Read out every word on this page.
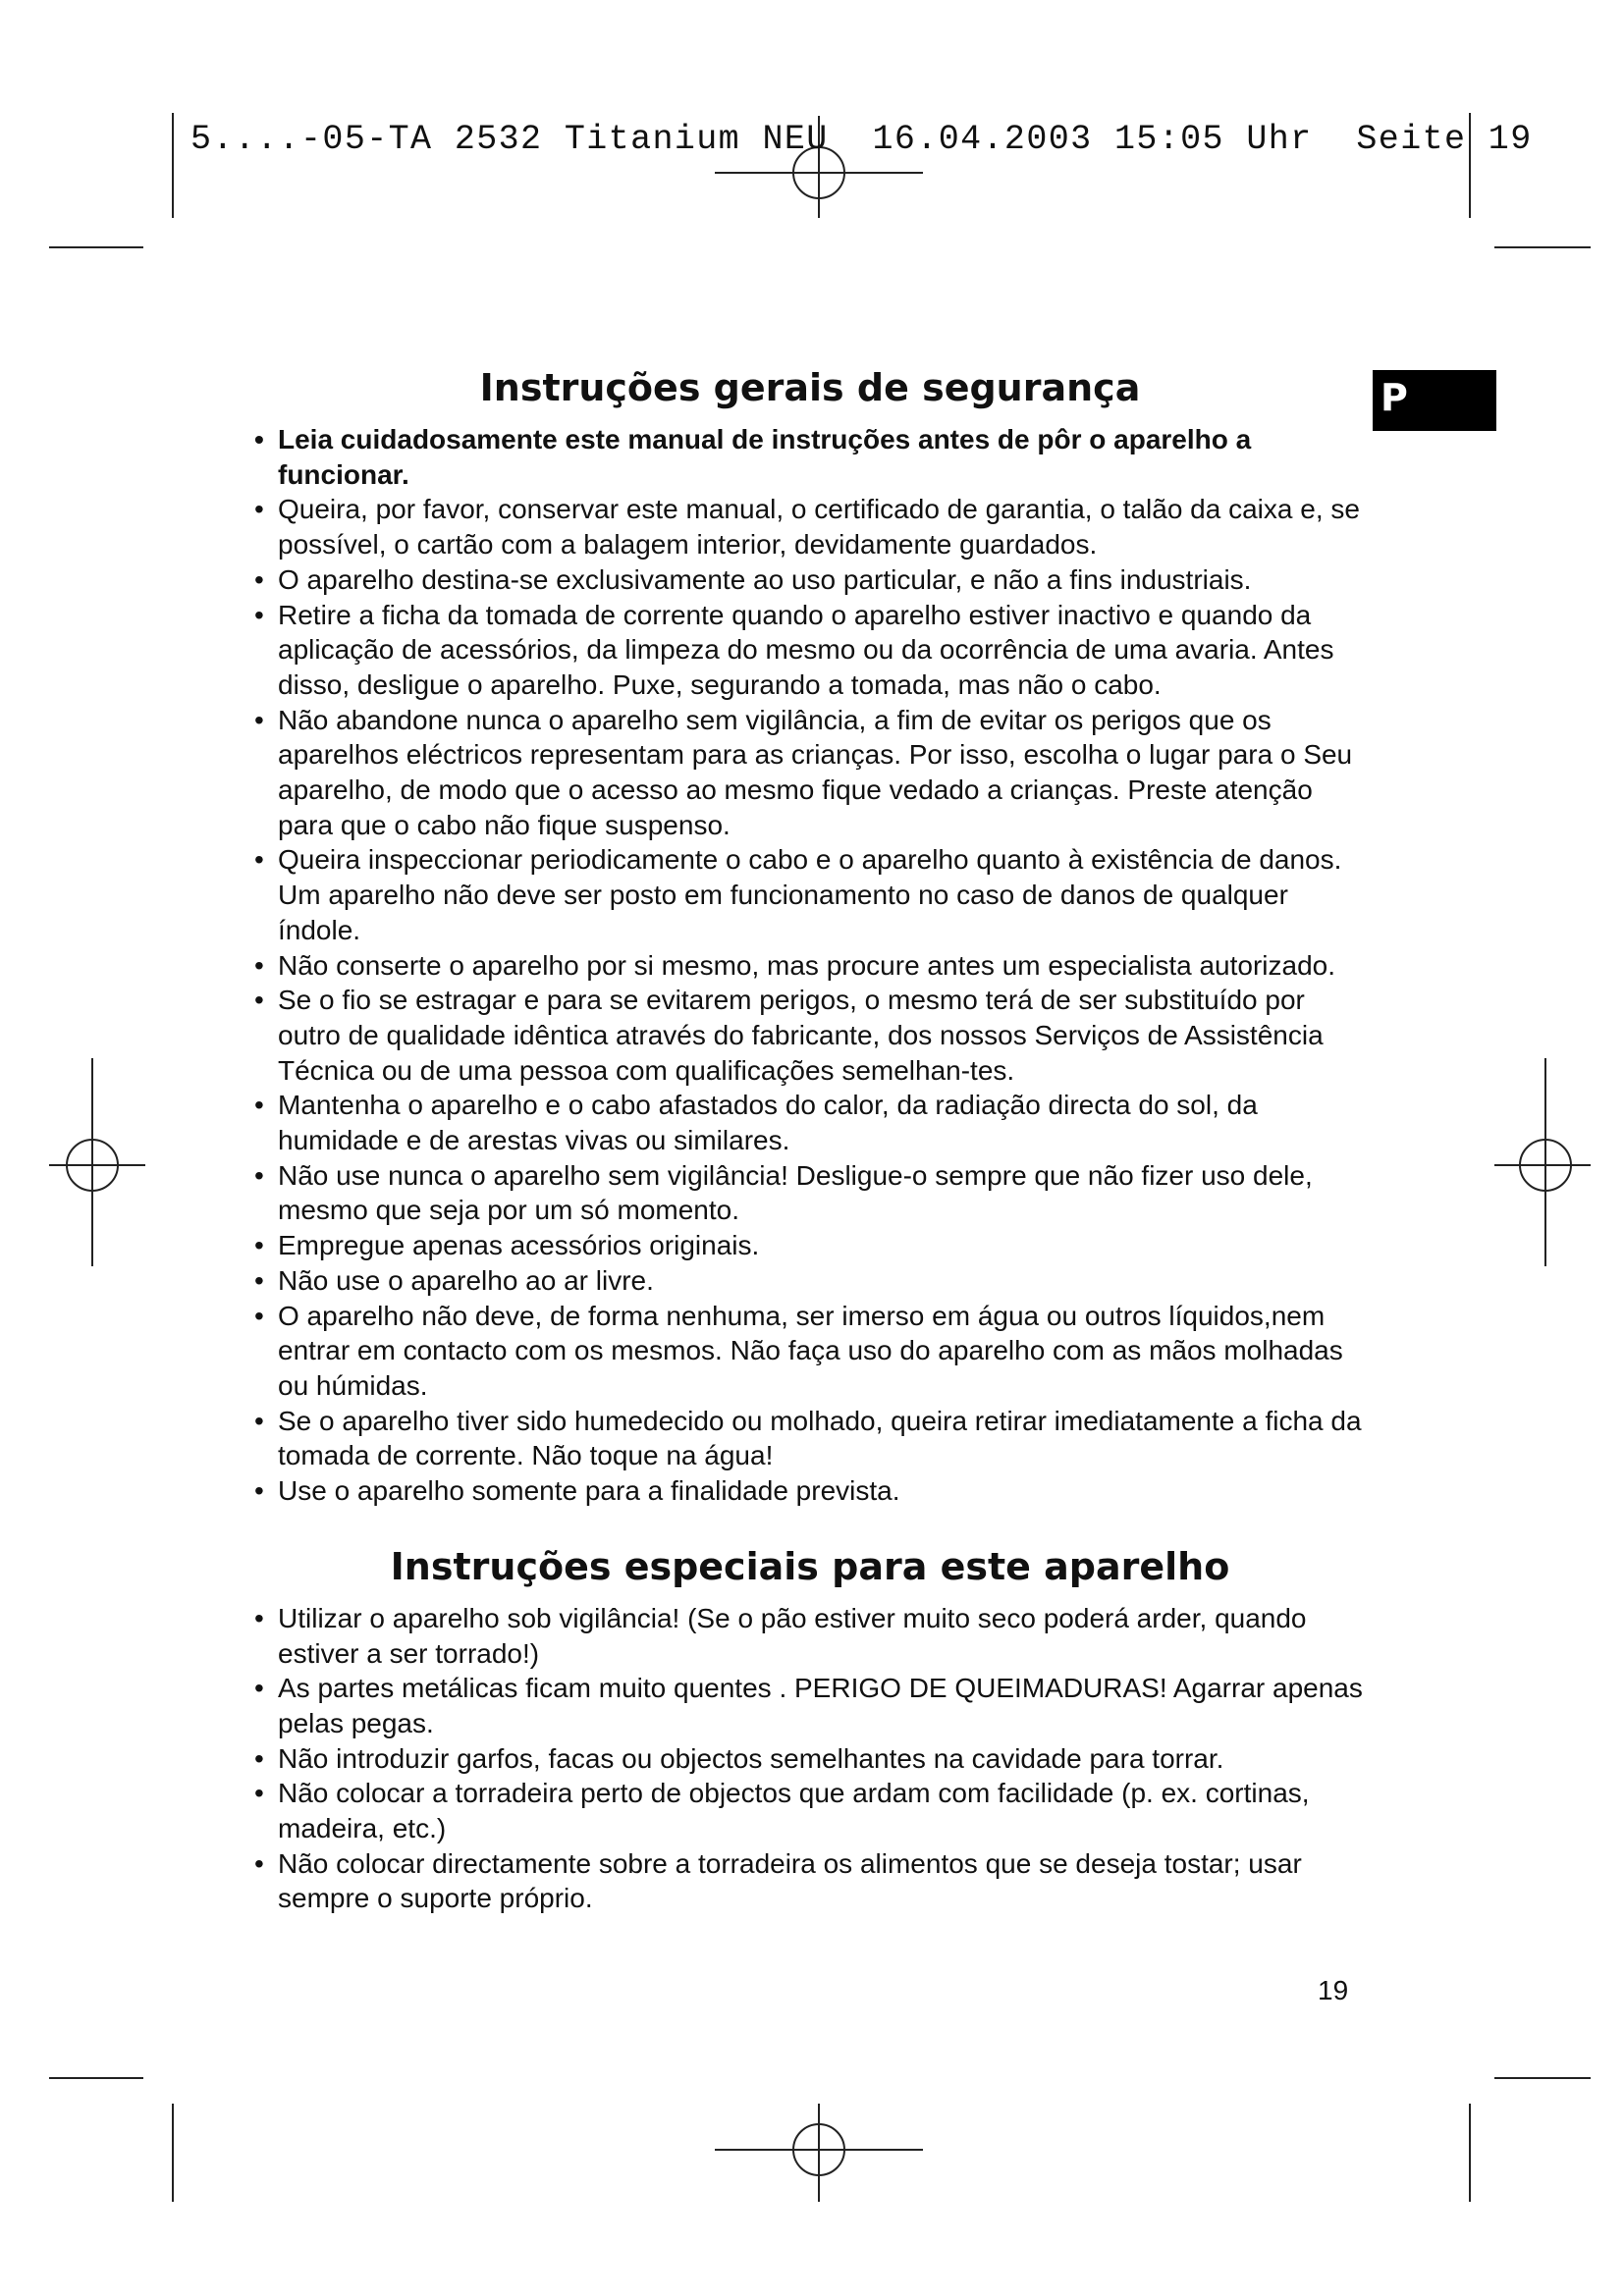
5....-05-TA 2532 Titanium NEU  16.04.2003 15:05 Uhr  Seite 19
P
Instruções gerais de segurança
• Leia cuidadosamente este manual de instruções antes de pôr o aparelho a funcionar.
• Queira, por favor, conservar este manual, o certificado de garantia, o talão da caixa e, se possível, o cartão com a balagem interior, devidamente guardados.
• O aparelho destina-se exclusivamente ao uso particular, e não a fins industriais.
• Retire a ficha da tomada de corrente quando o aparelho estiver inactivo e quando da aplicação de acessórios, da limpeza do mesmo ou da ocorrência de uma avaria. Antes disso, desligue o aparelho. Puxe, segurando a tomada, mas não o cabo.
• Não abandone nunca o aparelho sem vigilância, a fim de evitar os perigos que os aparelhos eléctricos representam para as crianças. Por isso, escolha o lugar para o Seu aparelho, de modo que o acesso ao mesmo fique vedado a crianças. Preste atenção para que o cabo não fique suspenso.
• Queira inspeccionar periodicamente o cabo e o aparelho quanto à existência de danos. Um aparelho não deve ser posto em funcionamento no caso de danos de qualquer índole.
• Não conserte o aparelho por si mesmo, mas procure antes um especialista autorizado.
• Se o fio se estragar e para se evitarem perigos, o mesmo terá de ser substituído por outro de qualidade idêntica através do fabricante, dos nossos Serviços de Assistência Técnica ou de uma pessoa com qualificações semelhan-tes.
• Mantenha o aparelho e o cabo afastados do calor, da radiação directa do sol, da humidade e de arestas vivas ou similares.
• Não use nunca o aparelho sem vigilância! Desligue-o sempre que não fizer uso dele, mesmo que seja por um só momento.
• Empregue apenas acessórios originais.
• Não use o aparelho ao ar livre.
• O aparelho não deve, de forma nenhuma, ser imerso em água ou outros líquidos,nem entrar em contacto com os mesmos. Não faça uso do aparelho com as mãos molhadas ou húmidas.
• Se o aparelho tiver sido humedecido ou molhado, queira retirar imediatamente a ficha da tomada de corrente. Não toque na água!
• Use o aparelho somente para a finalidade prevista.
Instruções especiais para este aparelho
• Utilizar o aparelho sob vigilância! (Se o pão estiver muito seco poderá arder, quando estiver a ser torrado!)
• As partes metálicas ficam muito quentes . PERIGO DE QUEIMADURAS! Agarrar apenas pelas pegas.
• Não introduzir garfos, facas ou objectos semelhantes na cavidade para torrar.
• Não colocar a torradeira perto de objectos que ardam com facilidade (p. ex. cortinas, madeira, etc.)
• Não colocar directamente sobre a torradeira os alimentos que se deseja tostar; usar sempre o suporte próprio.
19
